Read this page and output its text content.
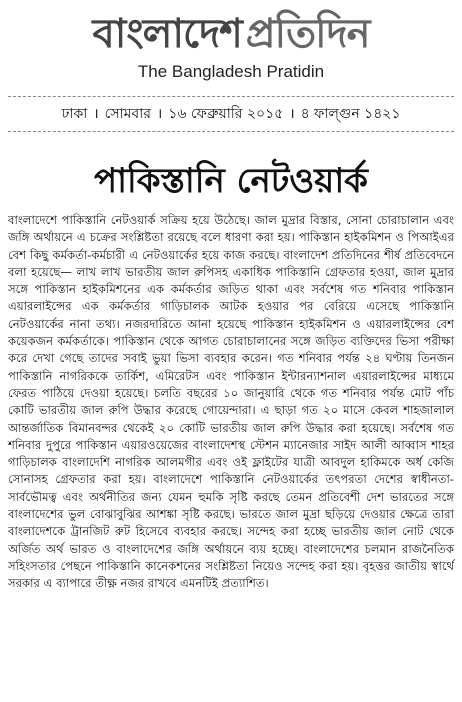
বাংলাদেশ প্রতিদিন
The Bangladesh Pratidin
ঢাকা । সোমবার । ১৬ ফেব্রুয়ারি ২০১৫ । ৪ ফাল্গুন ১৪২১
পাকিস্তানি নেটওয়ার্ক

বাংলাদেশে পাকিস্তানি নেটওয়ার্ক সক্রিয় হয়ে উঠেছে। জাল মুদ্রার বিস্তার, সোনা চোরাচালান এবং জঙ্গি অর্থায়নে এ চক্রের সংশ্লিষ্টতা রয়েছে বলে ধারণা করা হয়। পাকিস্তান হাইকমিশন ও পিআইএর বেশ কিছু কর্মকর্তা-কর্মচারী এ নেটওয়ার্কের হয়ে কাজ করছে। বাংলাদেশ প্রতিদিনের শীর্ষ প্রতিবেদনে বলা হয়েছে— লাখ লাখ ভারতীয় জাল রুপিসহ একাধিক পাকিস্তানি গ্রেফতার হওয়া, জাল মুদ্রার সঙ্গে পাকিস্তান হাইকমিশনের এক কর্মকর্তার জড়িত থাকা এবং সর্বশেষ গত শনিবার পাকিস্তান এয়ারলাইন্সের এক কর্মকর্তার গাড়িচালক আটক হওয়ার পর বেরিয়ে এসেছে পাকিস্তানি নেটওয়ার্কের নানা তথ্য। নজরদারিতে আনা হয়েছে পাকিস্তান হাইকমিশন ও এয়ারলাইন্সের বেশ কয়েকজন কর্মকর্তাকে। পাকিস্তান থেকে আগত চোরাচালানের সঙ্গে জড়িত ব্যক্তিদের ভিসা পরীক্ষা করে দেখা গেছে তাদের সবাই ভুয়া ভিসা ব্যবহার করেন। গত শনিবার পর্যন্ত ২৪ ঘণ্টায় তিনজন পাকিস্তানি নাগরিককে তার্কিশ, এমিরেটস এবং পাকিস্তান ইন্টারন্যাশনাল এয়ারলাইন্সের মাধ্যমে ফেরত পাঠিয়ে দেওয়া হয়েছে। চলতি বছরের ১০ জানুয়ারি থেকে গত শনিবার পর্যন্ত মোট পাঁচ কোটি ভারতীয় জাল রুপি উদ্ধার করেছে গোয়েন্দারা। এ ছাড়া গত ২০ মাসে কেবল শাহজালাল আন্তর্জাতিক বিমানবন্দর থেকেই ২০ কোটি ভারতীয় জাল রুপি উদ্ধার করা হয়েছে। সর্বশেষ গত শনিবার দুপুরে পাকিস্তান এয়ারওয়েজের বাংলাদেশস্থ স্টেশন ম্যানেজার সাইদ আলী আব্বাস শাহর গাড়িচালক বাংলাদেশি নাগরিক আলমগীর এবং ওই ফ্লাইটের যাত্রী আবদুল হাকিমকে অর্ধ কেজি সোনাসহ গ্রেফতার করা হয়। বাংলাদেশে পাকিস্তানি নেটওয়ার্কের তৎপরতা দেশের স্বাধীনতা-সার্বভৌমত্ব এবং অর্থনীতির জন্য যেমন হুমকি সৃষ্টি করছে তেমন প্রতিবেশী দেশ ভারতের সঙ্গে বাংলাদেশের ভুল বোঝাবুঝির আশঙ্কা সৃষ্টি করছে। ভারতে জাল মুদ্রা ছড়িয়ে দেওয়ার ক্ষেত্রে তারা বাংলাদেশকে ট্রানজিট রুট হিসেবে ব্যবহার করছে। সন্দেহ করা হচ্ছে ভারতীয় জাল নোট থেকে অর্জিত অর্থ ভারত ও বাংলাদেশের জঙ্গি অর্থায়নে ব্যয় হচ্ছে। বাংলাদেশের চলমান রাজনৈতিক সহিংসতার পেছনে পাকিস্তানি কানেকশনের সংশ্লিষ্টতা নিয়েও সন্দেহ করা হয়। বৃহত্তর জাতীয় স্বার্থে সরকার এ ব্যাপারে তীক্ষ্ণ নজর রাখবে এমনটিই প্রত্যাশিত।
